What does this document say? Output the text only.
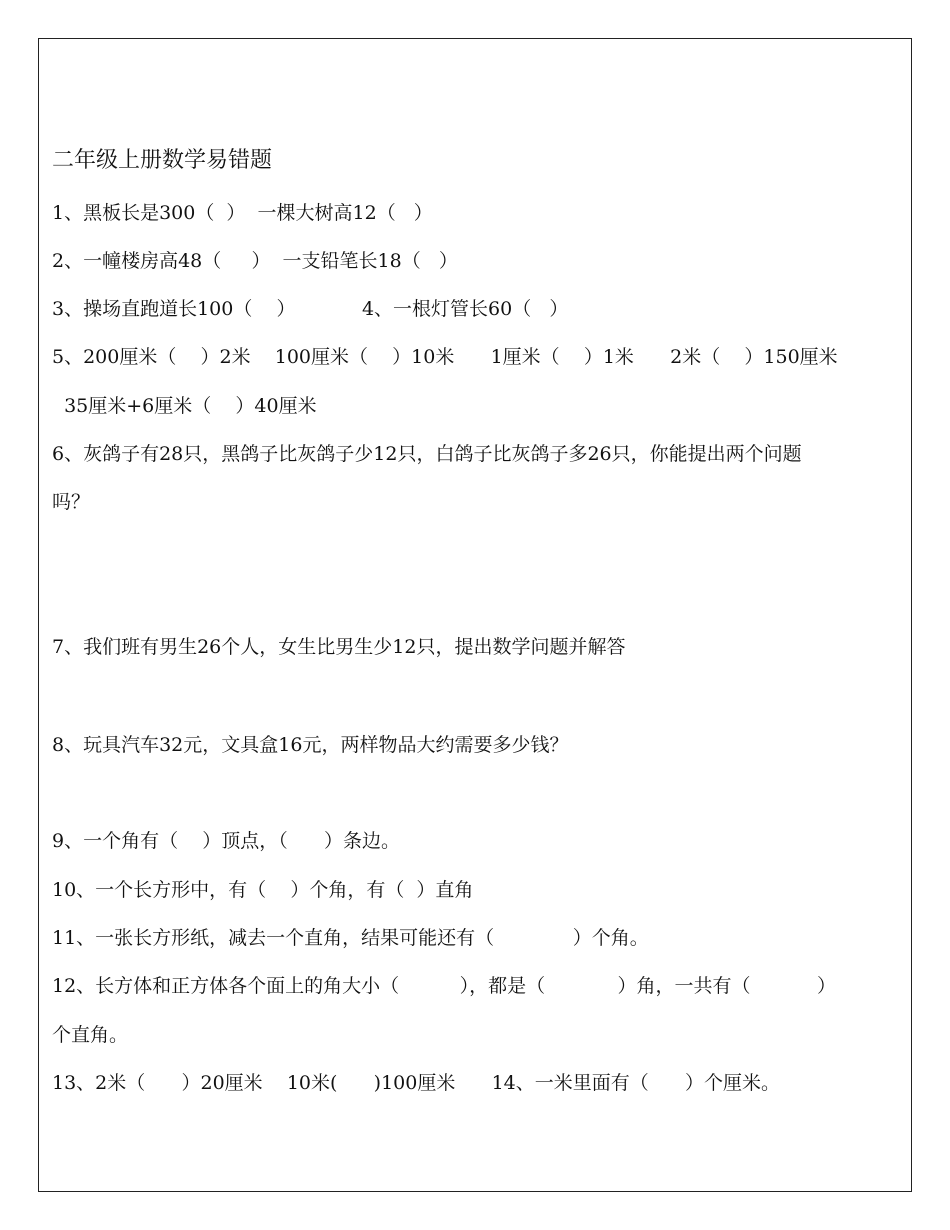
二年级上册数学易错题
1、黑板长是300（  ）  一棵大树高12（   ）
2、一幢楼房高48（     ）  一支铅笔长18（   ）
3、操场直跑道长100（    ）           4、一根灯管长60（   ）
5、200厘米（    ）2米    100厘米（    ）10米      1厘米（    ）1米      2米（    ）150厘米
35厘米+6厘米（    ）40厘米
6、灰鸽子有28只，黑鸽子比灰鸽子少12只，白鸽子比灰鸽子多26只，你能提出两个问题
吗？
7、我们班有男生26个人，女生比男生少12只，提出数学问题并解答
8、玩具汽车32元，文具盒16元，两样物品大约需要多少钱？
9、一个角有（    ）顶点，（      ）条边。
10、一个长方形中，有（    ）个角，有（  ）直角
11、一张长方形纸，减去一个直角，结果可能还有（             ）个角。
12、长方体和正方体各个面上的角大小（          ），都是（            ）角，一共有（           ）
个直角。
13、2米（      ）20厘米    10米(      )100厘米      14、一米里面有（      ）个厘米。
